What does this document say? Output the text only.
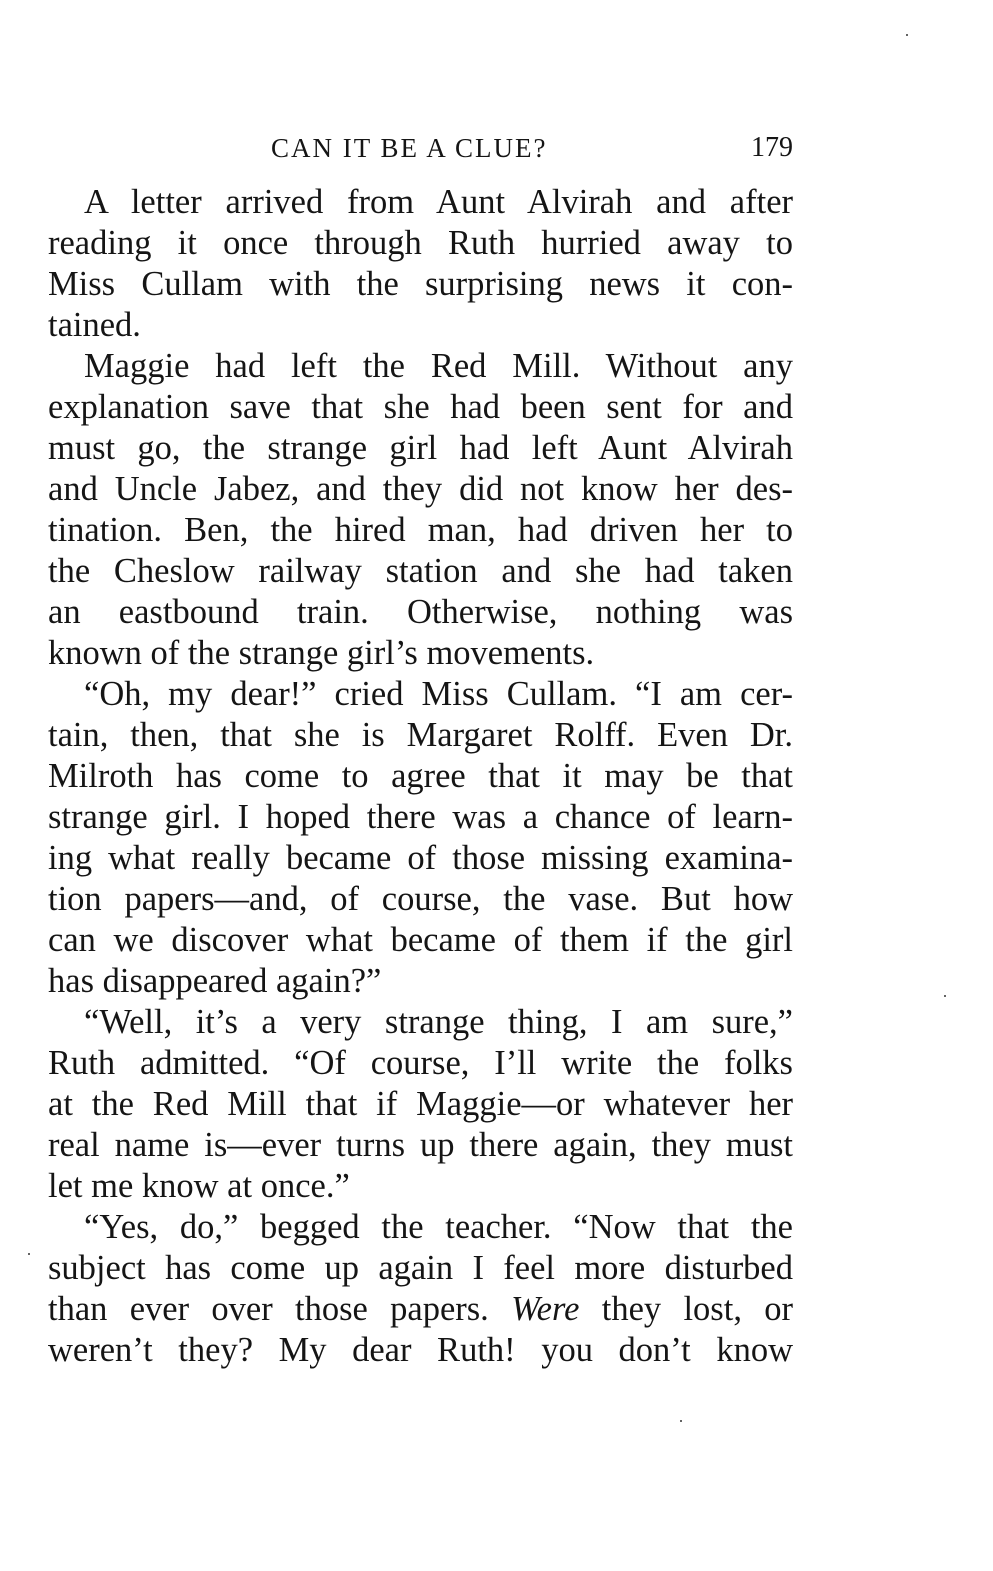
CAN IT BE A CLUE?	179

A letter arrived from Aunt Alvirah and after
reading it once through Ruth hurried away to
Miss Cullam with the surprising news it con-
tained.

Maggie had left the Red Mill. Without any
explanation save that she had been sent for and
must go, the strange girl had left Aunt Alvirah
and Uncle Jabez, and they did not know her des-
tination. Ben, the hired man, had driven her to
the Cheslow railway station and she had taken
an eastbound train. Otherwise, nothing was
known of the strange girl’s movements.

“Oh, my dear!” cried Miss Cullam. “I am cer-
tain, then, that she is Margaret Rolff. Even Dr.
Milroth has come to agree that it may be that
strange girl. I hoped there was a chance of learn-
ing what really became of those missing examina-
tion papers—and, of course, the vase. But how
can we discover what became of them if the girl
has disappeared again?”

“Well, it’s a very strange thing, I am sure,”
Ruth admitted. “Of course, I’ll write the folks
at the Red Mill that if Maggie—or whatever her
real name is—ever turns up there again, they must
let me know at once.”

“Yes, do,” begged the teacher. “Now that the
subject has come up again I feel more disturbed
than ever over those papers. Were they lost, or
weren’t they? My dear Ruth! you don’t know
